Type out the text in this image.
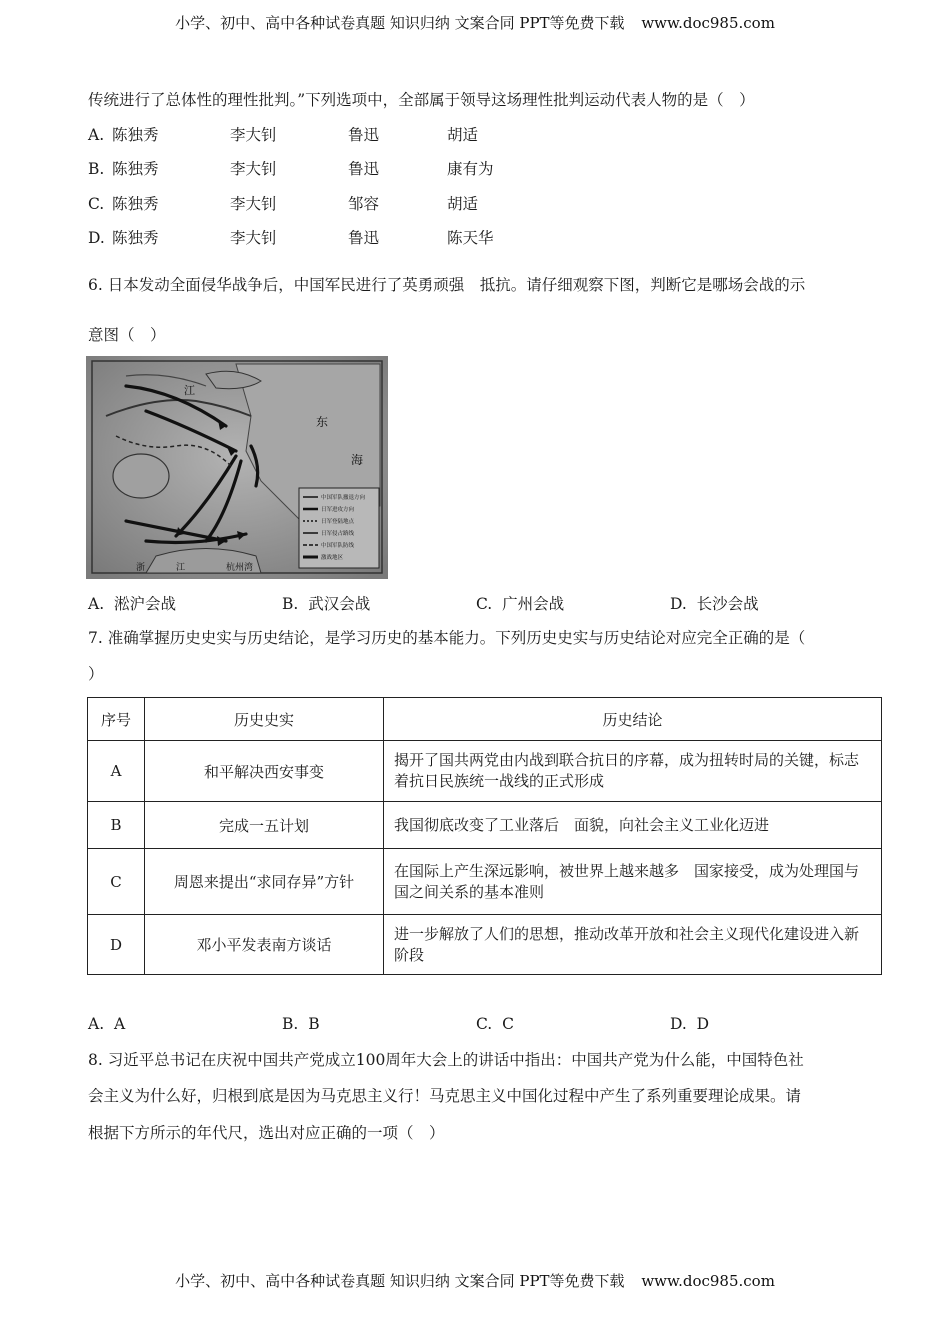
小学、初中、高中各种试卷真题 知识归纳 文案合同 PPT等免费下载 www.doc985.com
传统进行了总体性的理性批判。”下列选项中，全部属于领导这场理性批判运动代表人物的是（　）
A. 陈独秀	李大钊	鲁迅	胡适
B. 陈独秀	李大钊	鲁迅	康有为
C. 陈独秀	李大钊	邹容	胡适
D. 陈独秀	李大钊	鲁迅	陈天华
6. 日本发动全面侵华战争后，中国军民进行了英勇顽强　抵抗。请仔细观察下图，判断它是哪场会战的示
意图（　）
江
东
海
杭州湾
浙	江
中国军队撤退方向
日军进攻方向
日军登陆地点
日军侵占路线
中国军队防线
激战地区
A. 淞沪会战	B. 武汉会战	C. 广州会战	D. 长沙会战
7. 准确掌握历史史实与历史结论，是学习历史的基本能力。下列历史史实与历史结论对应完全正确的是（
）
序号	历史史实	历史结论
A	和平解决西安事变	揭开了国共两党由内战到联合抗日的序幕，成为扭转时局的关键，标志着抗日民族统一战线的正式形成
B	完成一五计划	我国彻底改变了工业落后　面貌，向社会主义工业化迈进
C	周恩来提出“求同存异”方针	在国际上产生深远影响，被世界上越来越多　国家接受，成为处理国与国之间关系的基本准则
D	邓小平发表南方谈话	进一步解放了人们的思想，推动改革开放和社会主义现代化建设进入新阶段
A. A	B. B	C. C	D. D
8. 习近平总书记在庆祝中国共产党成立100周年大会上的讲话中指出：中国共产党为什么能，中国特色社
会主义为什么好，归根到底是因为马克思主义行！马克思主义中国化过程中产生了系列重要理论成果。请
根据下方所示的年代尺，选出对应正确的一项（　）
小学、初中、高中各种试卷真题 知识归纳 文案合同 PPT等免费下载 www.doc985.com
